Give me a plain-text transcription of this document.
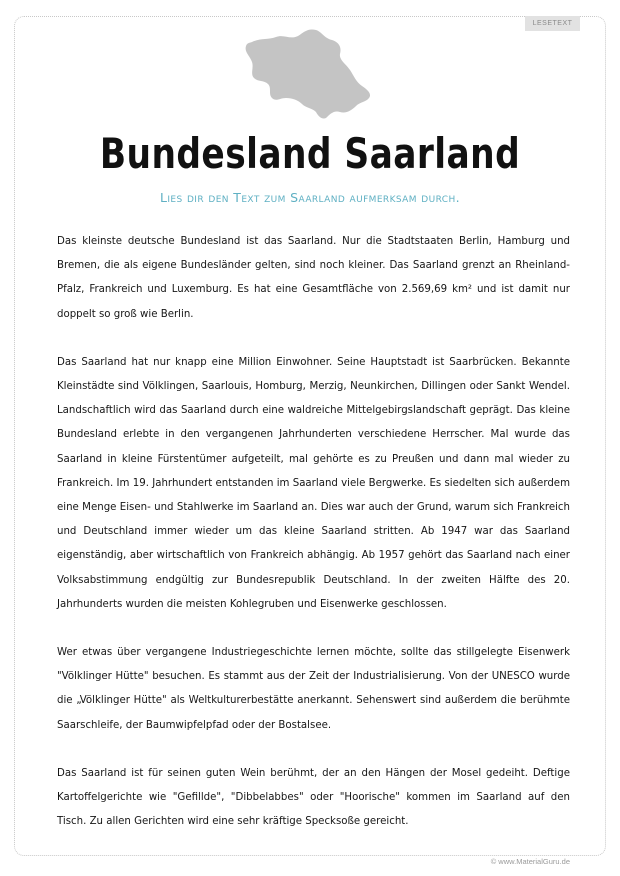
LESETEXT
Bundesland Saarland
Lies dir den Text zum Saarland aufmerksam durch.

Das kleinste deutsche Bundesland ist das Saarland. Nur die Stadtstaaten Berlin, Hamburg und Bremen, die als eigene Bundesländer gelten, sind noch kleiner. Das Saarland grenzt an Rheinland-Pfalz, Frankreich und Luxemburg. Es hat eine Gesamtfläche von 2.569,69 km² und ist damit nur doppelt so groß wie Berlin.

Das Saarland hat nur knapp eine Million Einwohner. Seine Hauptstadt ist Saarbrücken. Bekannte Kleinstädte sind Völklingen, Saarlouis, Homburg, Merzig, Neunkirchen, Dillingen oder Sankt Wendel. Landschaftlich wird das Saarland durch eine waldreiche Mittelgebirgslandschaft geprägt. Das kleine Bundesland erlebte in den vergangenen Jahrhunderten verschiedene Herrscher. Mal wurde das Saarland in kleine Fürstentümer aufgeteilt, mal gehörte es zu Preußen und dann mal wieder zu Frankreich. Im 19. Jahrhundert entstanden im Saarland viele Bergwerke. Es siedelten sich außerdem eine Menge Eisen- und Stahlwerke im Saarland an. Dies war auch der Grund, warum sich Frankreich und Deutschland immer wieder um das kleine Saarland stritten. Ab 1947 war das Saarland eigenständig, aber wirtschaftlich von Frankreich abhängig. Ab 1957 gehört das Saarland nach einer Volksabstimmung endgültig zur Bundesrepublik Deutschland. In der zweiten Hälfte des 20. Jahrhunderts wurden die meisten Kohlegruben und Eisenwerke geschlossen.

Wer etwas über vergangene Industriegeschichte lernen möchte, sollte das stillgelegte Eisenwerk "Völklinger Hütte" besuchen. Es stammt aus der Zeit der Industrialisierung. Von der UNESCO wurde die „Völklinger Hütte" als Weltkulturerbestätte anerkannt. Sehenswert sind außerdem die berühmte Saarschleife, der Baumwipfelpfad oder der Bostalsee.

Das Saarland ist für seinen guten Wein berühmt, der an den Hängen der Mosel gedeiht. Deftige Kartoffelgerichte wie "Gefillde", "Dibbelabbes" oder "Hoorische" kommen im Saarland auf den Tisch. Zu allen Gerichten wird eine sehr kräftige Specksoße gereicht.

© www.MaterialGuru.de
